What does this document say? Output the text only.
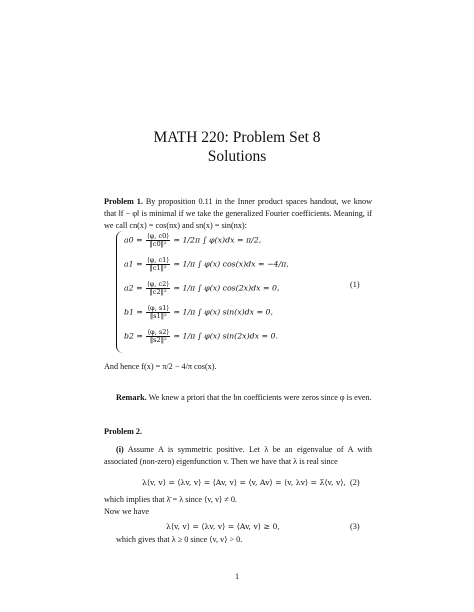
MATH 220: Problem Set 8
Solutions
Problem 1. By proposition 0.11 in the Inner product spaces handout, we know that ‖f − φ‖ is minimal if we take the generalized Fourier coefficients. Meaning, if we call cn(x) = cos(nx) and sn(x) = sin(nx):
$a0 = \frac{⟨\varphi, c0⟩}{\text{‖c0‖²}} = 1/2\pi$ ∫ φ(x)dx = π/2,
$a1 = \frac{⟨\varphi, c1⟩}{\text{‖c1‖²}} = 1/\pi$ ∫ φ(x) cos(x)dx = −4/π,
$a2 = \frac{⟨\varphi, c2⟩}{\text{‖c2‖²}} = 1/\pi$ ∫ φ(x) cos(2x)dx = 0,
$b1 = \frac{⟨\varphi, s1⟩}{\text{‖s1‖²}} = 1/\pi$ ∫ φ(x) sin(x)dx = 0,
$b2 = \frac{⟨\varphi, s2⟩}{\text{‖s2‖²}} = 1/\pi$ ∫ φ(x) sin(2x)dx = 0.
(1)
And hence f(x) = π/2 − 4/π cos(x).
Remark. We knew a priori that the bn coefficients were zeros since φ is even.
Problem 2.
(i) Assume A is symmetric positive. Let λ be an eigenvalue of A with associated (non-zero) eigenfunction v. Then we have that λ is real since
λ⟨v, v⟩ = ⟨λv, v⟩ = ⟨Av, v⟩ = ⟨v, Av⟩ = ⟨v, λv⟩ = λ̄⟨v, v⟩, (2)
which implies that λ̄ = λ since ⟨v, v⟩ ≠ 0.
Now we have
λ⟨v, v⟩ = ⟨λv, v⟩ = ⟨Av, v⟩ ≥ 0,	(3)
which gives that λ ≥ 0 since ⟨v, v⟩ > 0.
1
